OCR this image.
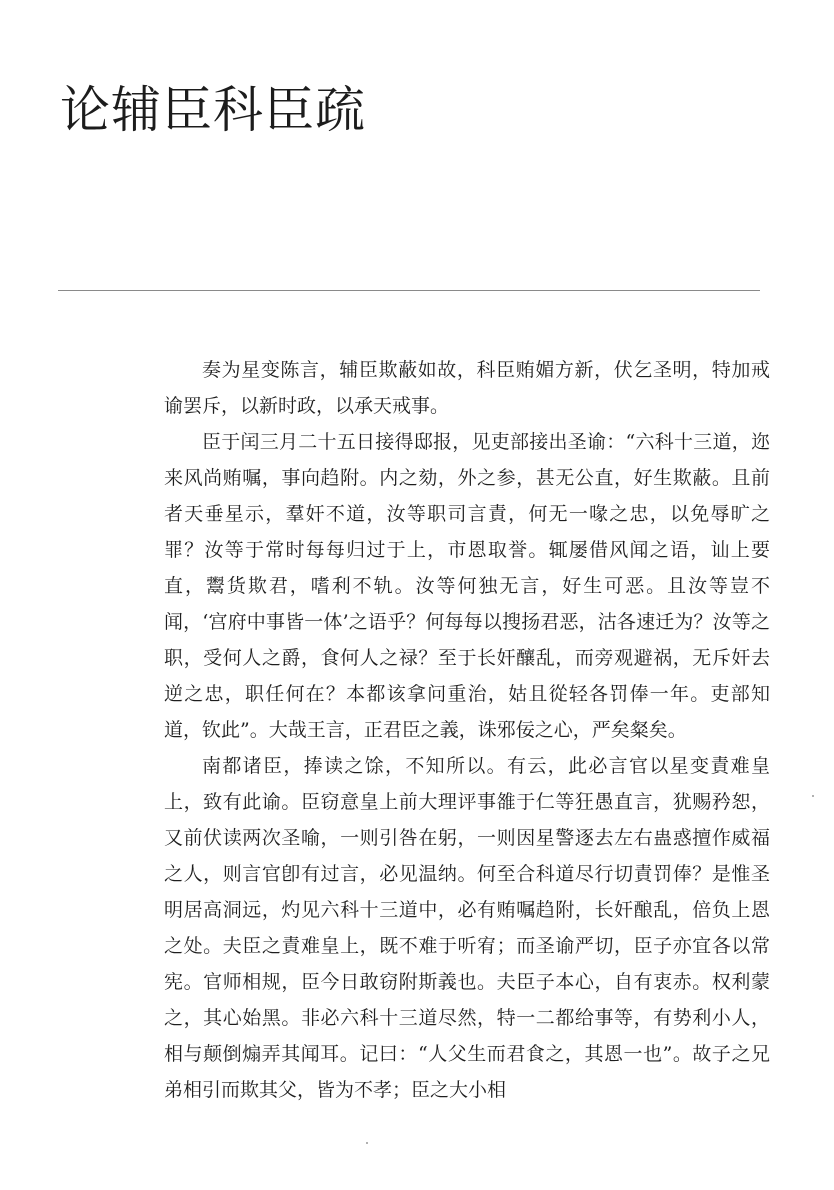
论辅臣科臣疏

奏为星变陈言，辅臣欺蔽如故，科臣贿媚方新，伏乞圣明，特加戒谕罢斥，以新时政，以承天戒事。

臣于闰三月二十五日接得邸报，见吏部接出圣谕：“六科十三道，迩来风尚贿嘱，事向趋附。内之劾，外之参，甚无公直，好生欺蔽。且前者天垂星示，羣奸不道，汝等职司言責，何无一喙之忠，以免辱旷之罪？汝等于常时每每归过于上，市恩取誉。辄屡借风闻之语，讪上要直，鬻货欺君，嗜利不轨。汝等何独无言，好生可恶。且汝等豈不闻，‘宫府中事皆一体’之语乎？何每每以搜扬君恶，沽各速迁为？汝等之职，受何人之爵，食何人之禄？至于长奸釀乱，而旁观避祸，无斥奸去逆之忠，职任何在？本都该拿问重治，姑且從轻各罚俸一年。吏部知道，钦此”。大哉王言，正君臣之義，诛邪佞之心，严矣粲矣。

南都诸臣，捧读之馀，不知所以。有云，此必言官以星变責难皇上，致有此谕。臣窃意皇上前大理评事雒于仁等狂愚直言，犹赐矜恕，又前伏读两次圣喻，一则引咎在躬，一则因星警逐去左右蛊惑擅作威福之人，则言官卽有过言，必见温纳。何至合科道尽行切責罚俸？是惟圣明居高洞远，灼见六科十三道中，必有贿嘱趋附，长奸酿乱，倍负上恩之处。夫臣之責难皇上，既不难于听宥；而圣谕严切，臣子亦宜各以常宪。官师相规，臣今日敢窃附斯義也。夫臣子本心，自有衷赤。权利蒙之，其心始黑。非必六科十三道尽然，特一二都给事等，有势利小人，相与颠倒煽弄其闻耳。记曰：“人父生而君食之，其恩一也”。故子之兄弟相引而欺其父，皆为不孝；臣之大小相
